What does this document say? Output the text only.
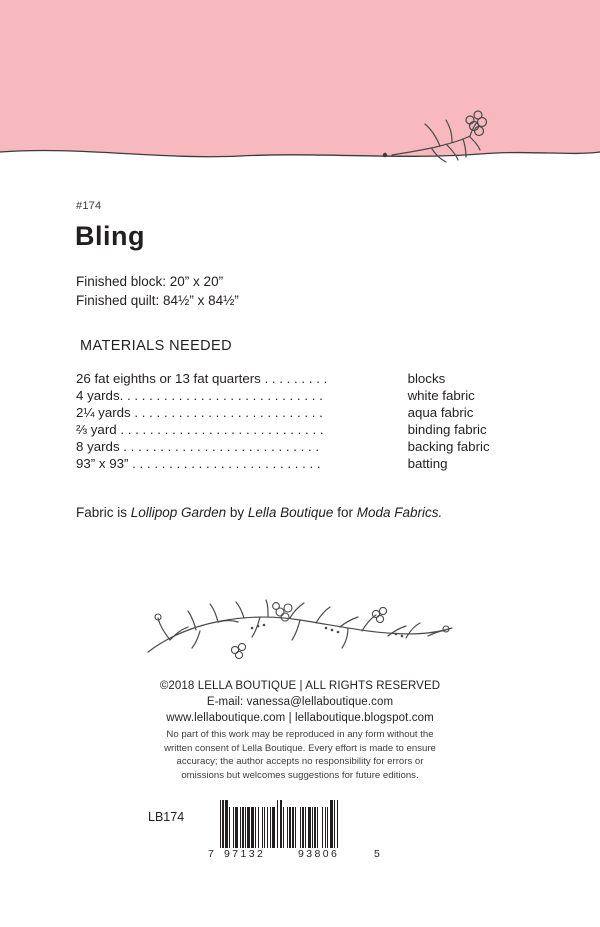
#174
Bling
Finished block: 20” x 20”
Finished quilt: 84½” x 84½”
MATERIALS NEEDED
26 fat eighths or 13 fat quarters . . . . . . . . .	blocks
4 yards. . . . . . . . . . . . . . . . . . . . . . . . . . . .	white fabric
2¼ yards . . . . . . . . . . . . . . . . . . . . . . . . . .	aqua fabric
⅔ yard . . . . . . . . . . . . . . . . . . . . . . . . . . . .	binding fabric
8 yards . . . . . . . . . . . . . . . . . . . . . . . . . . .	backing fabric
93” x 93” . . . . . . . . . . . . . . . . . . . . . . . . . .	batting
Fabric is Lollipop Garden by Lella Boutique for Moda Fabrics.
©2018 LELLA BOUTIQUE | ALL RIGHTS RESERVED
E-mail: vanessa@lellaboutique.com
www.lellaboutique.com | lellaboutique.blogspot.com
No part of this work may be reproduced in any form without the
written consent of Lella Boutique. Every effort is made to ensure
accuracy; the author accepts no responsibility for errors or
omissions but welcomes suggestions for future editions.
LB174
7 97132	93806	5
